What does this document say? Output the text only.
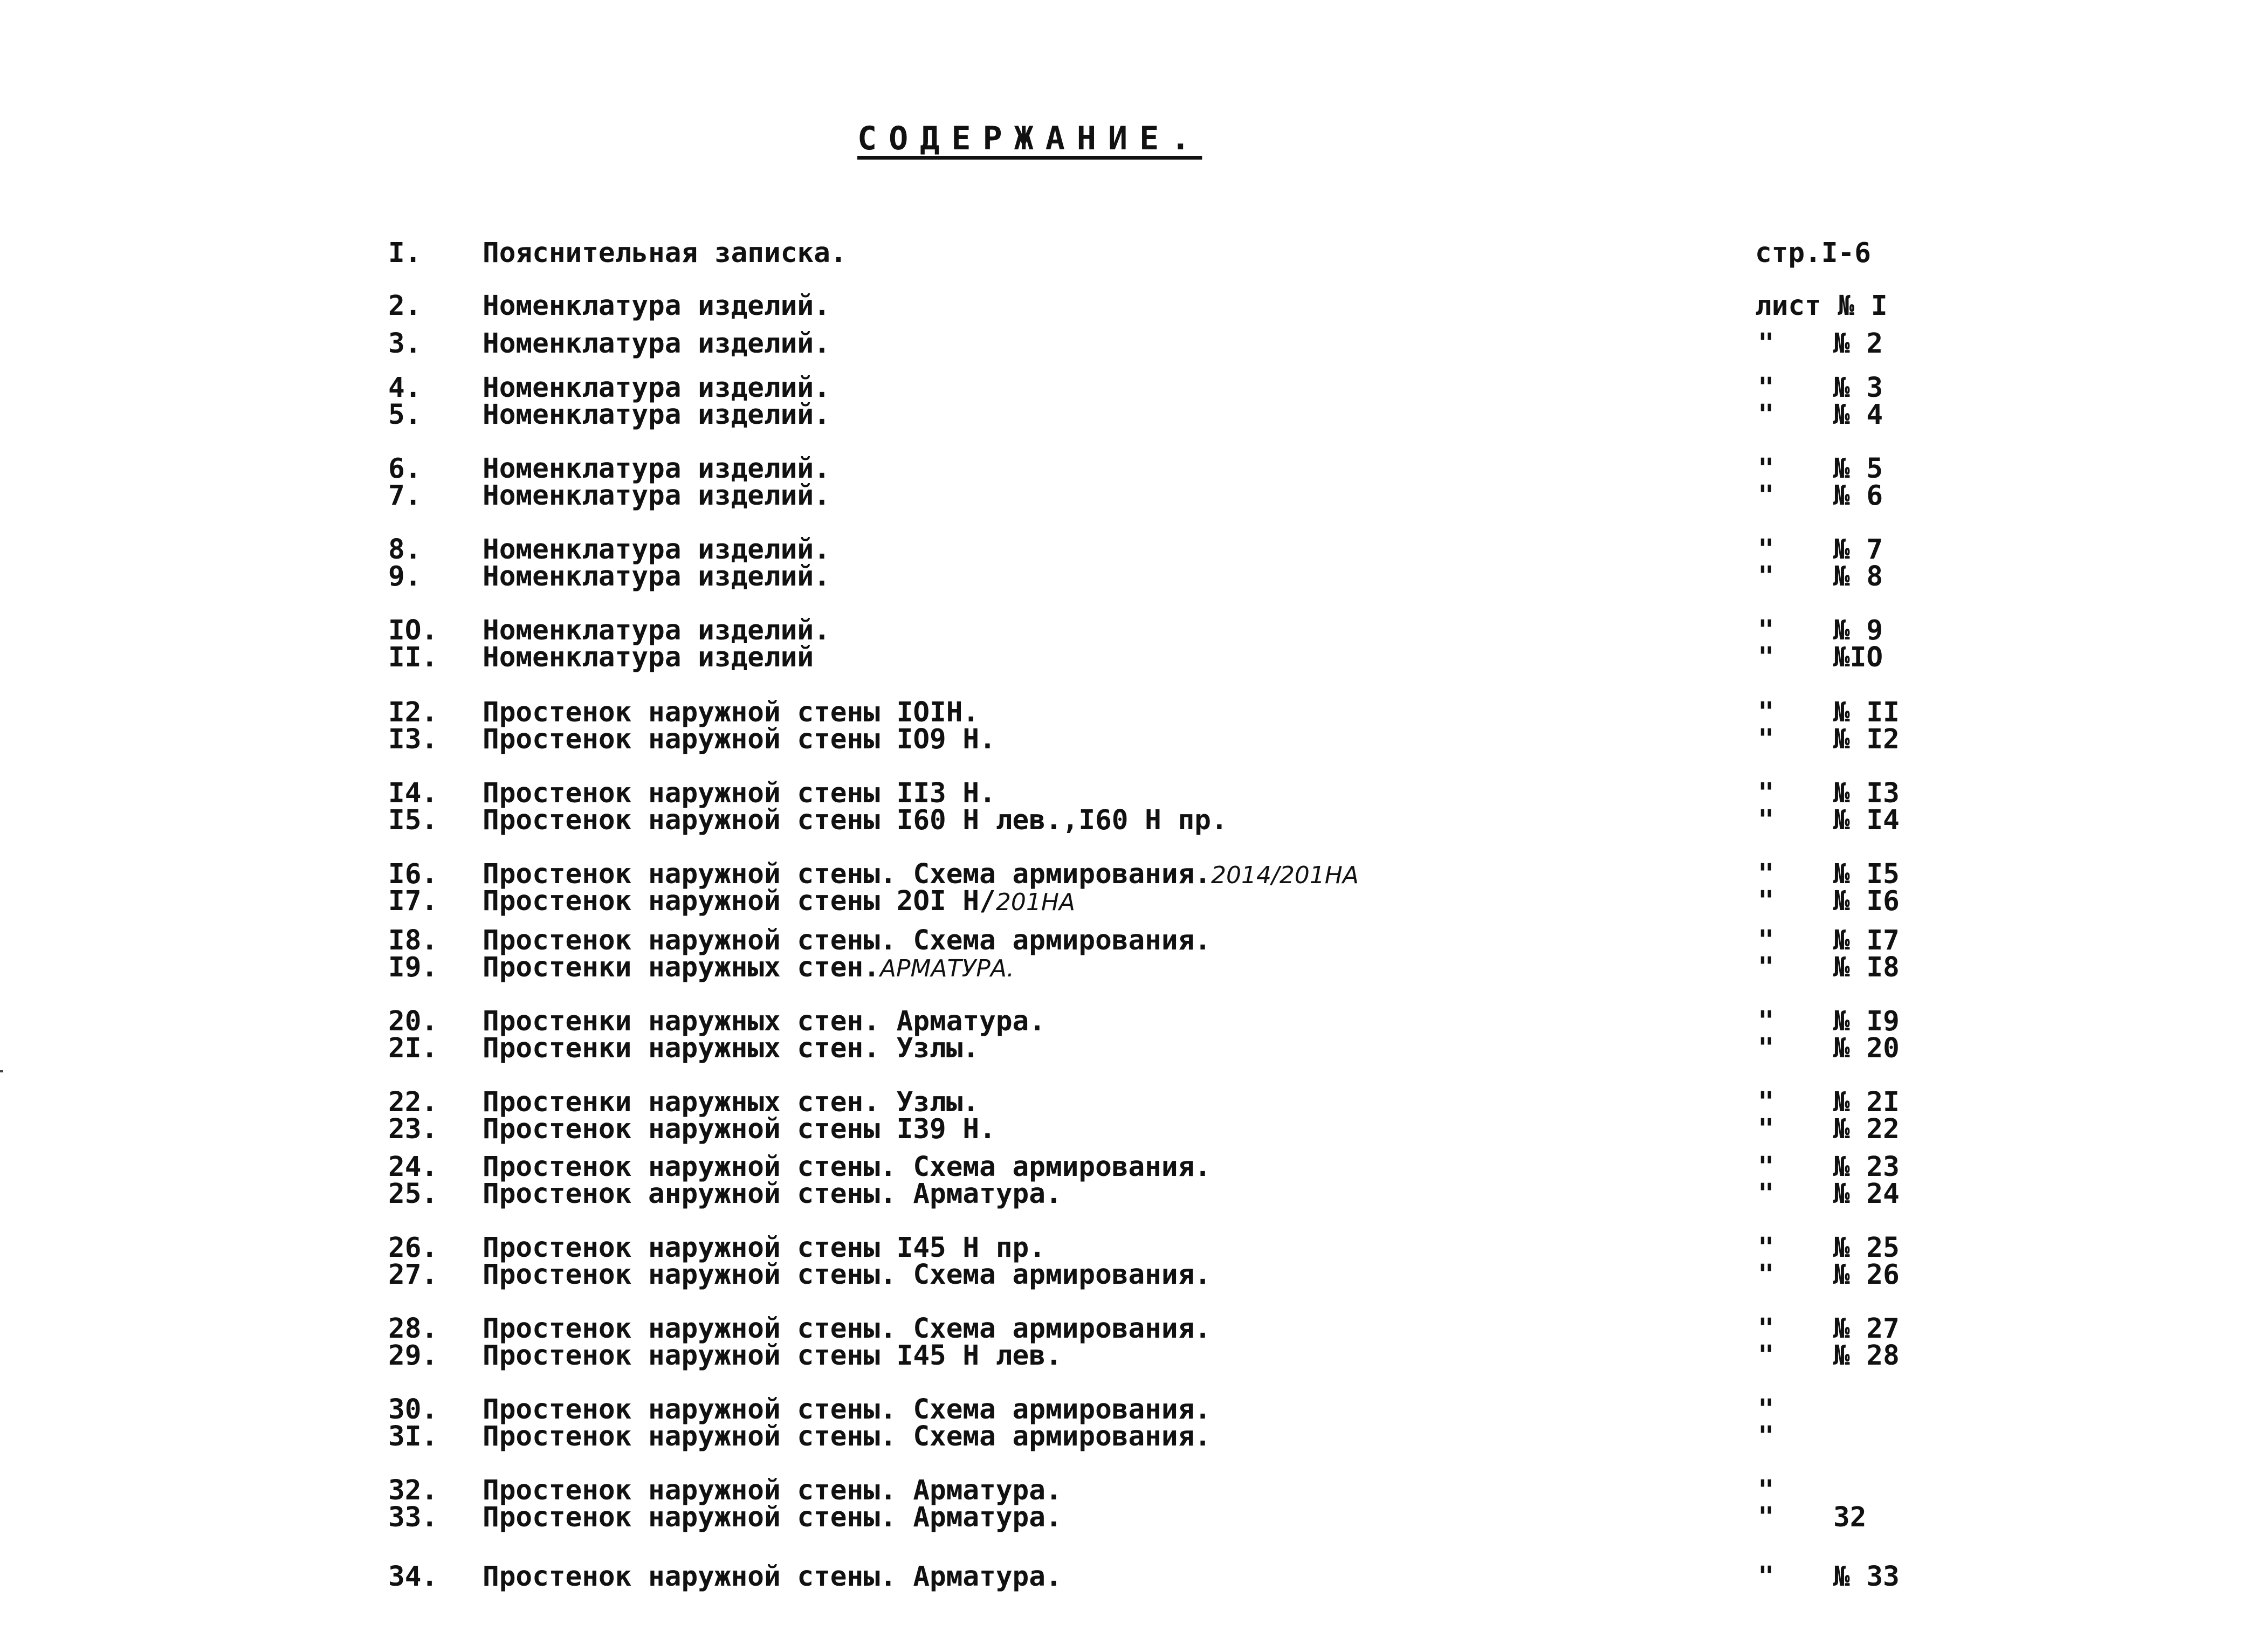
СОДЕРЖАНИЕ.
I. Пояснительная записка.	стр.I-6
2. Номенклатура изделий.	лист № I
3. Номенклатура изделий.	" № 2
4. Номенклатура изделий.	" № 3
5. Номенклатура изделий.	" № 4
6. Номенклатура изделий.	" № 5
7. Номенклатура изделий.	" № 6
8. Номенклатура изделий.	" № 7
9. Номенклатура изделий.	" № 8
IO. Номенклатура изделий.	" № 9
II. Номенклатура изделий	" №IO
I2. Простенок наружной стены IOIН.	" № II
I3. Простенок наружной стены IO9 Н.	" № I2
I4. Простенок наружной стены II3 Н.	" № I3
I5. Простенок наружной стены I60 Н лев.,I60 Н пр.	" № I4
I6. Простенок наружной стены. Схема армирования.2014/201НА	" № I5
I7. Простенок наружной стены 2OI Н/201НА	" № I6
I8. Простенок наружной стены. Схема армирования.	" № I7
I9. Простенки наружных стен.АРМАТУРА.	" № I8
20. Простенки наружных стен. Арматура.	" № I9
2I. Простенки наружных стен. Узлы.	" № 20
22. Простенки наружных стен. Узлы.	" № 2I
23. Простенок наружной стены I39 Н.	" № 22
24. Простенок наружной стены. Схема армирования.	" № 23
25. Простенок анружной стены. Арматура.	" № 24
26. Простенок наружной стены I45 Н пр.	" № 25
27. Простенок наружной стены. Схема армирования.	" № 26
28. Простенок наружной стены. Схема армирования.	" № 27
29. Простенок наружной стены I45 Н лев.	" № 28
30. Простенок наружной стены. Схема армирования.	"
3I. Простенок наружной стены. Схема армирования.	"
32. Простенок наружной стены. Арматура.	"
33. Простенок наружной стены. Арматура.	" 32
34. Простенок наружной стены. Арматура.	" № 33
